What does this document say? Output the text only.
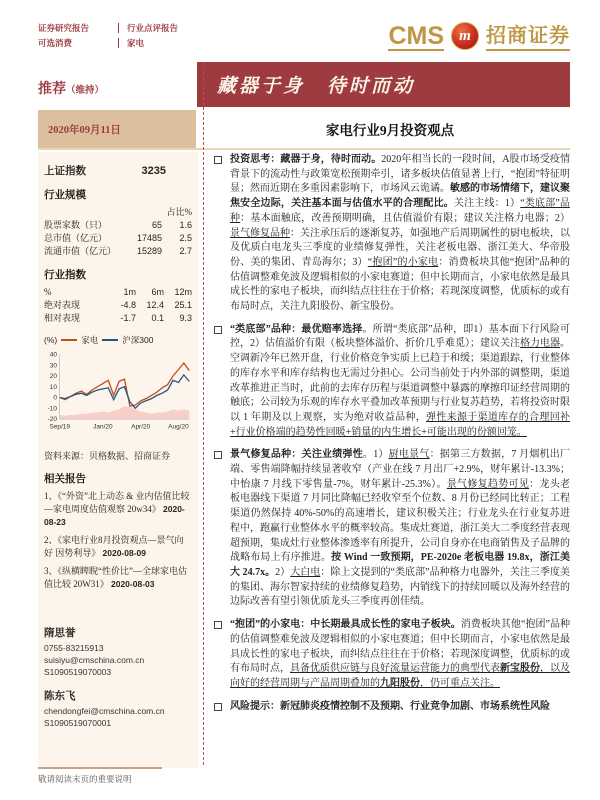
证券研究报告	行业点评报告
可选消费	家电	CMS	m 招商证券
推荐（维持）	藏器于身　待时而动
2020年09月11日	家电行业9月投资观点
上证指数	3235
行业规模
占比%
股票家数（只）	65	1.6
总市值（亿元）	17485	2.5
流通市值（亿元）	15289	2.7
行业指数
%	1m	6m	12m
绝对表现	-4.8	12.4	25.1
相对表现	-1.7	0.1	9.3
(%)	家电	沪深300
40
30
20
10
0
-10
-20
Sep/19	Jan/20	Apr/20	Aug/20
资料来源：贝格数据、招商证券
相关报告
1、《“外资”北上动态 & 业内估值比较—家电周度估值观察 20w34》 2020-08-23
2、《家电行业8月投资观点—景气向好 因势利导》 2020-08-09
3、《纵横睥睨“性价比”—全球家电估值比较 20W31》 2020-08-03
隋思誉
0755-83215913
suisiyu@cmschina.com.cn
S1090519070003
陈东飞
chendongfei@cmschina.com.cn
S1090519070001
投资思考：藏器于身，待时而动。2020年相当长的一段时间，A股市场受疫情背景下的流动性与政策宽松预期牵引，诸多板块估值显著上行，“抱团”特征明显；然而近期在多重因素影响下，市场风云诡谲。敏感的市场情绪下，建议聚焦安全边际，关注基本面与估值水平的合理配比。关注主线：1）“类底部”品种：基本面触底，改善预期明确，且估值溢价有限；建议关注格力电器；2）景气修复品种：关注承压后的逐渐复苏，如强地产后周期属性的厨电板块，以及优质白电龙头三季度的业绩修复弹性，关注老板电器、浙江美大、华帝股份、美的集团、青岛海尔；3）“抱团”的小家电：消费板块其他“抱团”品种的估值调整难免波及逻辑相似的小家电赛道；但中长期而言，小家电依然是最具成长性的家电子板块，而纠结点往往在于价格；若现深度调整，优质标的或有布局时点，关注九阳股份、新宝股份。
“类底部”品种：最优赔率选择。所谓“类底部”品种，即1）基本面下行风险可控，2）估值溢价有限（板块整体溢价、折价几乎难觅）；建议关注格力电器。空调新冷年已然开盘，行业价格竞争实质上已趋于和缓；渠道跟踪，行业整体的库存水平和库存结构也无需过分担心。公司当前处于内外部的调整期，渠道改革推进正当时，此前的去库存历程与渠道调整中暴露的摩擦印证经营周期的触底；公司较为乐观的库存水平叠加改革预期与行业复苏趋势，若将投资时限以 1 年期及以上观察，实为绝对收益品种，弹性来源于渠道库存的合理回补+行业价格端的趋势性回暖+销量的内生增长+可能出现的份额回笼。
景气修复品种：关注业绩弹性。1）厨电景气：据第三方数据，7 月烟机出厂端、零售端降幅持续显著收窄（产业在线 7 月出厂+2.9%，财年累计-13.3%；中怡康 7 月线下零售量-7%，财年累计-25.3%）。景气修复趋势可见：龙头老板电器线下渠道 7 月同比降幅已经收窄至个位数、8 月份已经同比转正；工程渠道仍然保持 40%-50%的高速增长，建议积极关注；行业龙头在行业复苏进程中，跑赢行业整体水平的概率较高。集成灶赛道，浙江美大二季度经营表现超预期，集成灶行业整体渗透率有所提升，公司自身亦在电商销售及子品牌的战略布局上有序推进。按 Wind 一致预期，PE-2020e 老板电器 19.8x，浙江美大 24.7x。2）大白电：除上文提到的“类底部”品种格力电器外，关注三季度美的集团、海尔智家持续的业绩修复趋势，内销线下的持续回暖以及海外经营的边际改善有望引领优质龙头三季度再创佳绩。
“抱团”的小家电：中长期最具成长性的家电子板块。消费板块其他“抱团”品种的估值调整难免波及逻辑相似的小家电赛道；但中长期而言，小家电依然是最具成长性的家电子板块，而纠结点往往在于价格；若现深度调整，优质标的或有布局时点，具备优质供应链与良好流量运营能力的典型代表新宝股份，以及向好的经营周期与产品周期叠加的九阳股份，仍可重点关注。
风险提示：新冠肺炎疫情控制不及预期、行业竞争加剧、市场系统性风险
敬请阅读末页的重要说明
